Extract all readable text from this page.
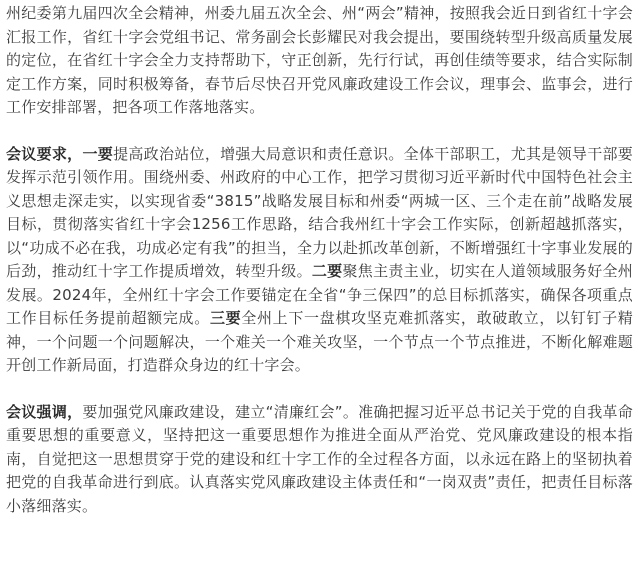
州纪委第九届四次全会精神，州委九届五次全会、州“两会”精神，按照我会近日到省红十字会汇报工作，省红十字会党组书记、常务副会长彭耀民对我会提出，要围绕转型升级高质量发展的定位，在省红十字会全力支持帮助下，守正创新，先行行试，再创佳绩等要求，结合实际制定工作方案，同时积极筹备，春节后尽快召开党风廉政建设工作会议，理事会、监事会，进行工作安排部署，把各项工作落地落实。

会议要求，一要提高政治站位，增强大局意识和责任意识。全体干部职工，尤其是领导干部要发挥示范引领作用。围绕州委、州政府的中心工作，把学习贯彻习近平新时代中国特色社会主义思想走深走实，以实现省委“3815”战略发展目标和州委“两城一区、三个走在前”战略发展目标，贯彻落实省红十字会1256工作思路，结合我州红十字会工作实际，创新超越抓落实，以“功成不必在我，功成必定有我”的担当，全力以赴抓改革创新，不断增强红十字事业发展的后劲，推动红十字工作提质增效，转型升级。二要聚焦主责主业，切实在人道领域服务好全州发展。2024年，全州红十字会工作要锚定在全省“争三保四”的总目标抓落实，确保各项重点工作目标任务提前超额完成。三要全州上下一盘棋攻坚克难抓落实，敢破敢立，以钉钉子精神，一个问题一个问题解决，一个难关一个难关攻坚，一个节点一个节点推进，不断化解难题开创工作新局面，打造群众身边的红十字会。

会议强调，要加强党风廉政建设，建立“清廉红会”。准确把握习近平总书记关于党的自我革命重要思想的重要意义，坚持把这一重要思想作为推进全面从严治党、党风廉政建设的根本指南，自觉把这一思想贯穿于党的建设和红十字工作的全过程各方面，以永远在路上的坚韧执着把党的自我革命进行到底。认真落实党风廉政建设主体责任和“一岗双责”责任，把责任目标落小落细落实。
